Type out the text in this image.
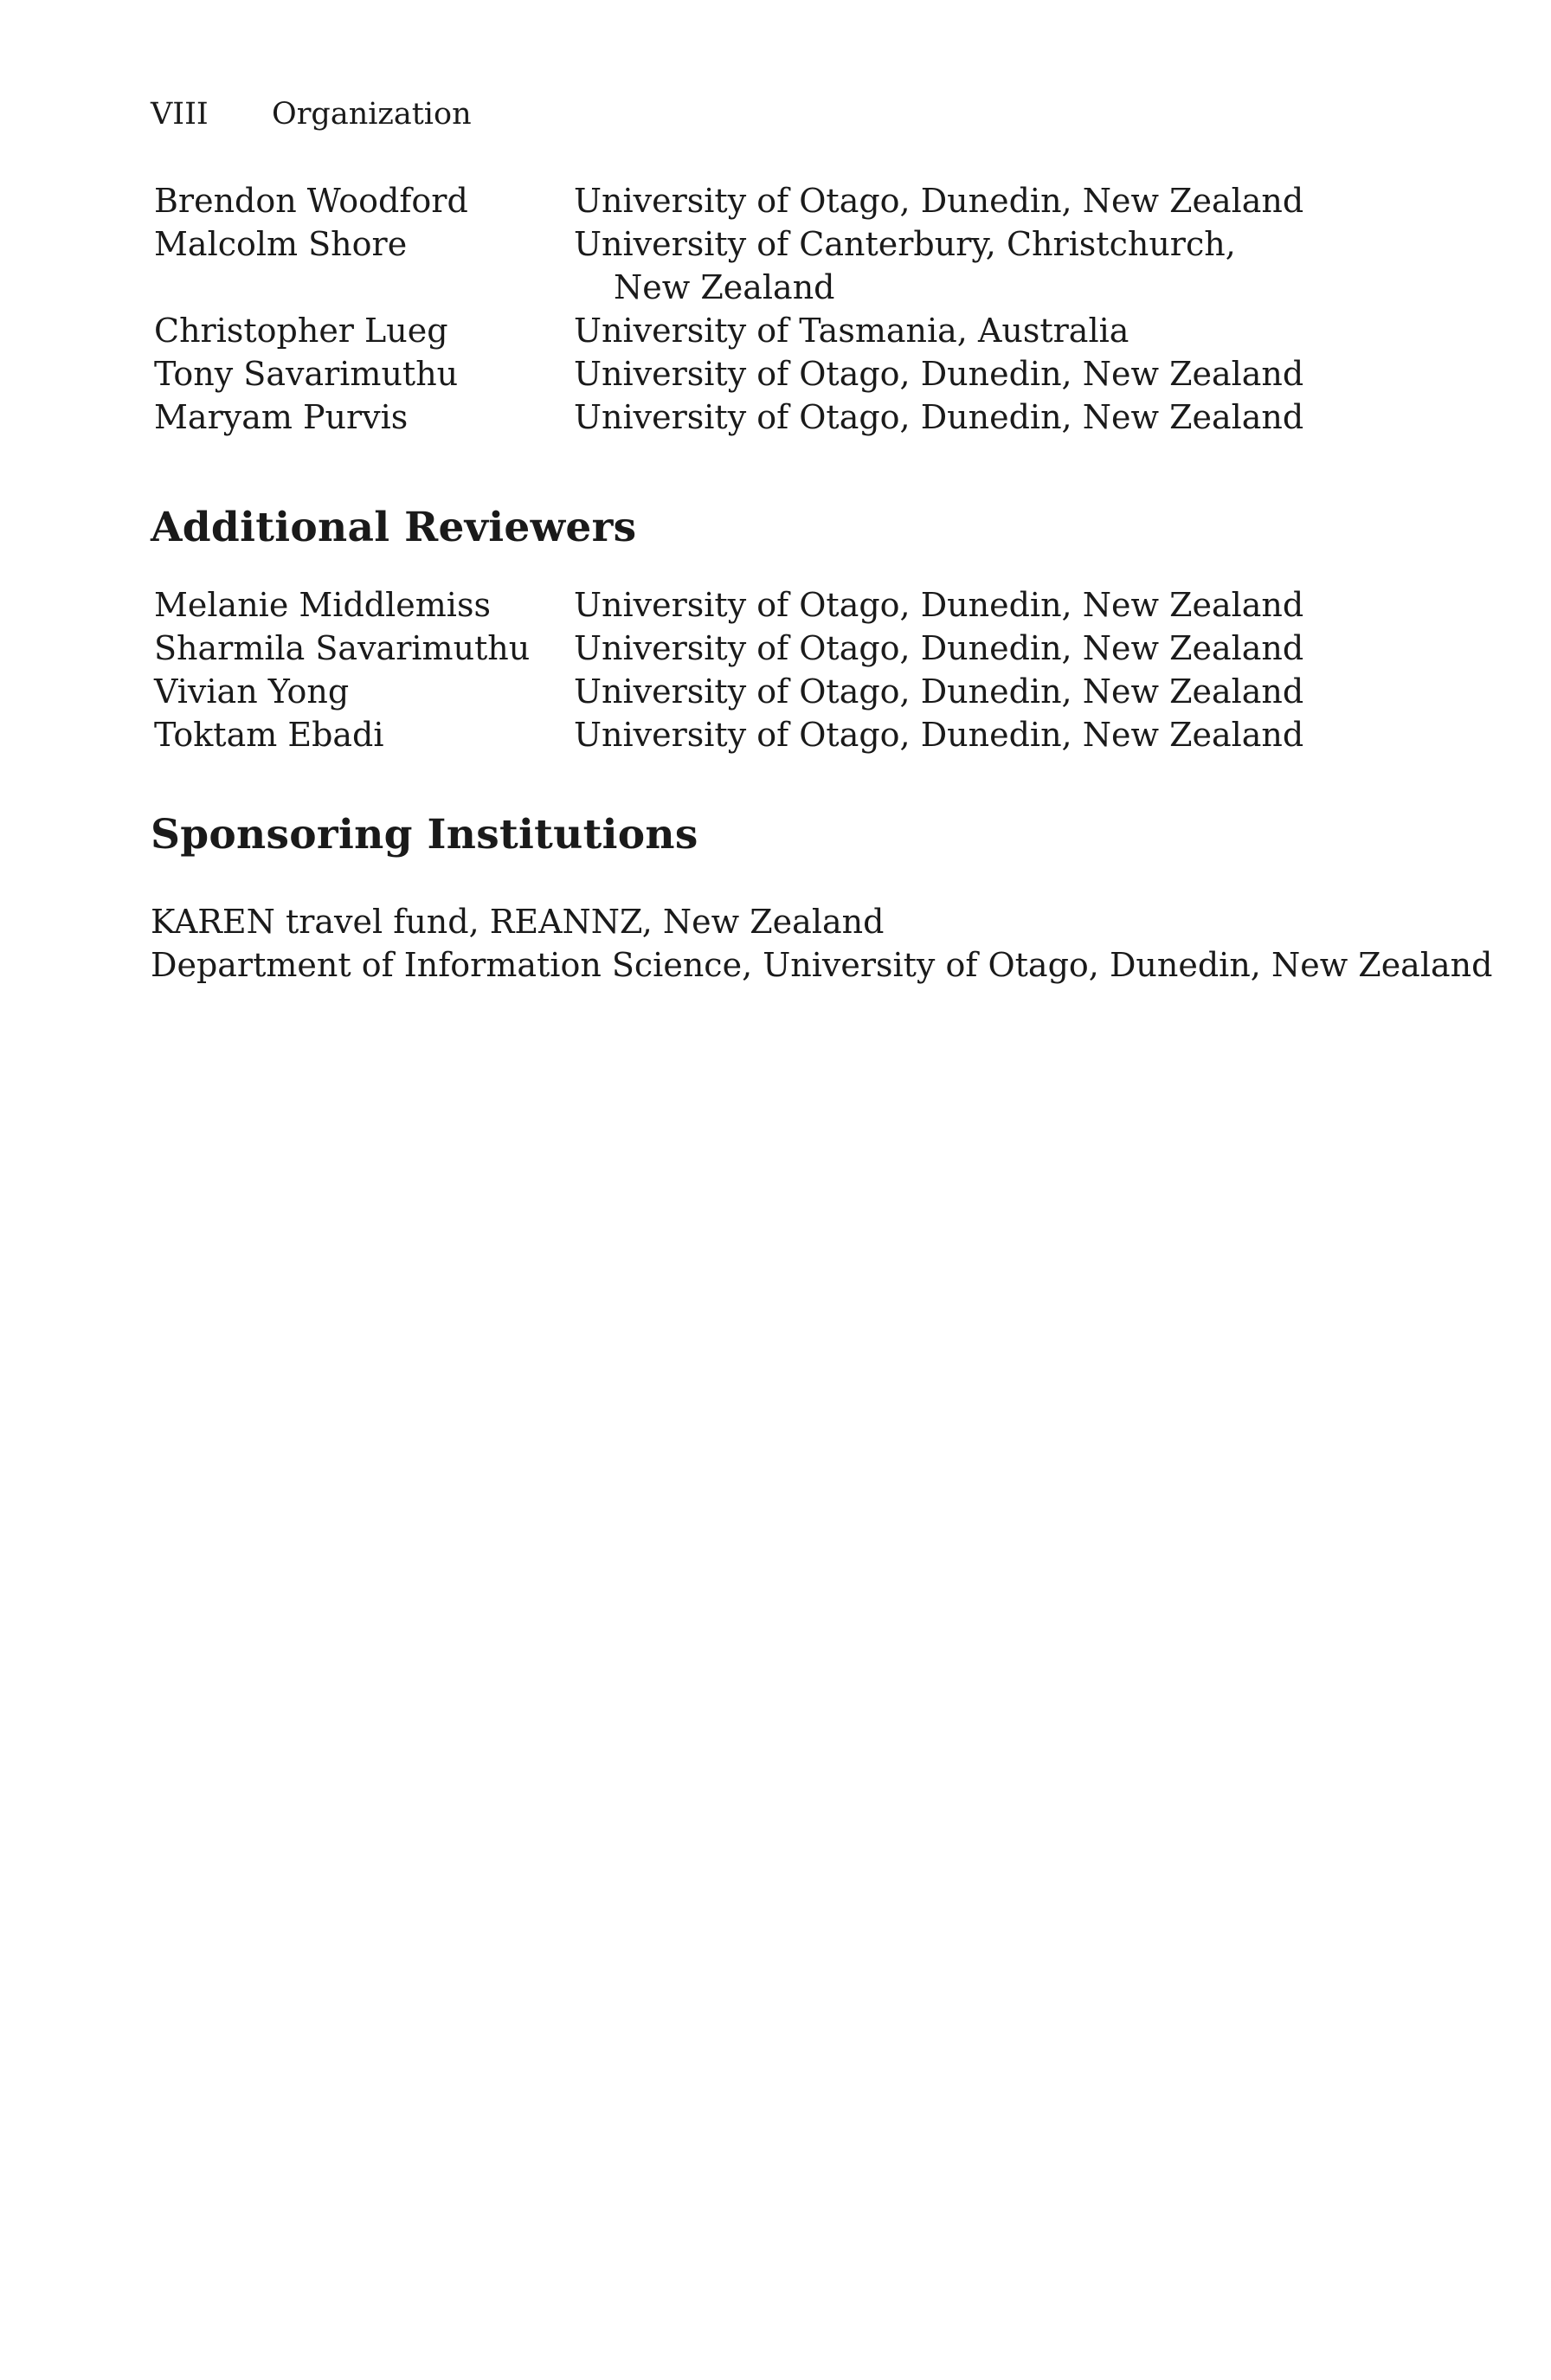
VIII Organization
Brendon Woodford	University of Otago, Dunedin, New Zealand
Malcolm Shore	University of Canterbury, Christchurch,
New Zealand
Christopher Lueg	University of Tasmania, Australia
Tony Savarimuthu	University of Otago, Dunedin, New Zealand
Maryam Purvis	University of Otago, Dunedin, New Zealand
Additional Reviewers
Melanie Middlemiss	University of Otago, Dunedin, New Zealand
Sharmila Savarimuthu	University of Otago, Dunedin, New Zealand
Vivian Yong	University of Otago, Dunedin, New Zealand
Toktam Ebadi	University of Otago, Dunedin, New Zealand
Sponsoring Institutions
KAREN travel fund, REANNZ, New Zealand
Department of Information Science, University of Otago, Dunedin, New Zealand
